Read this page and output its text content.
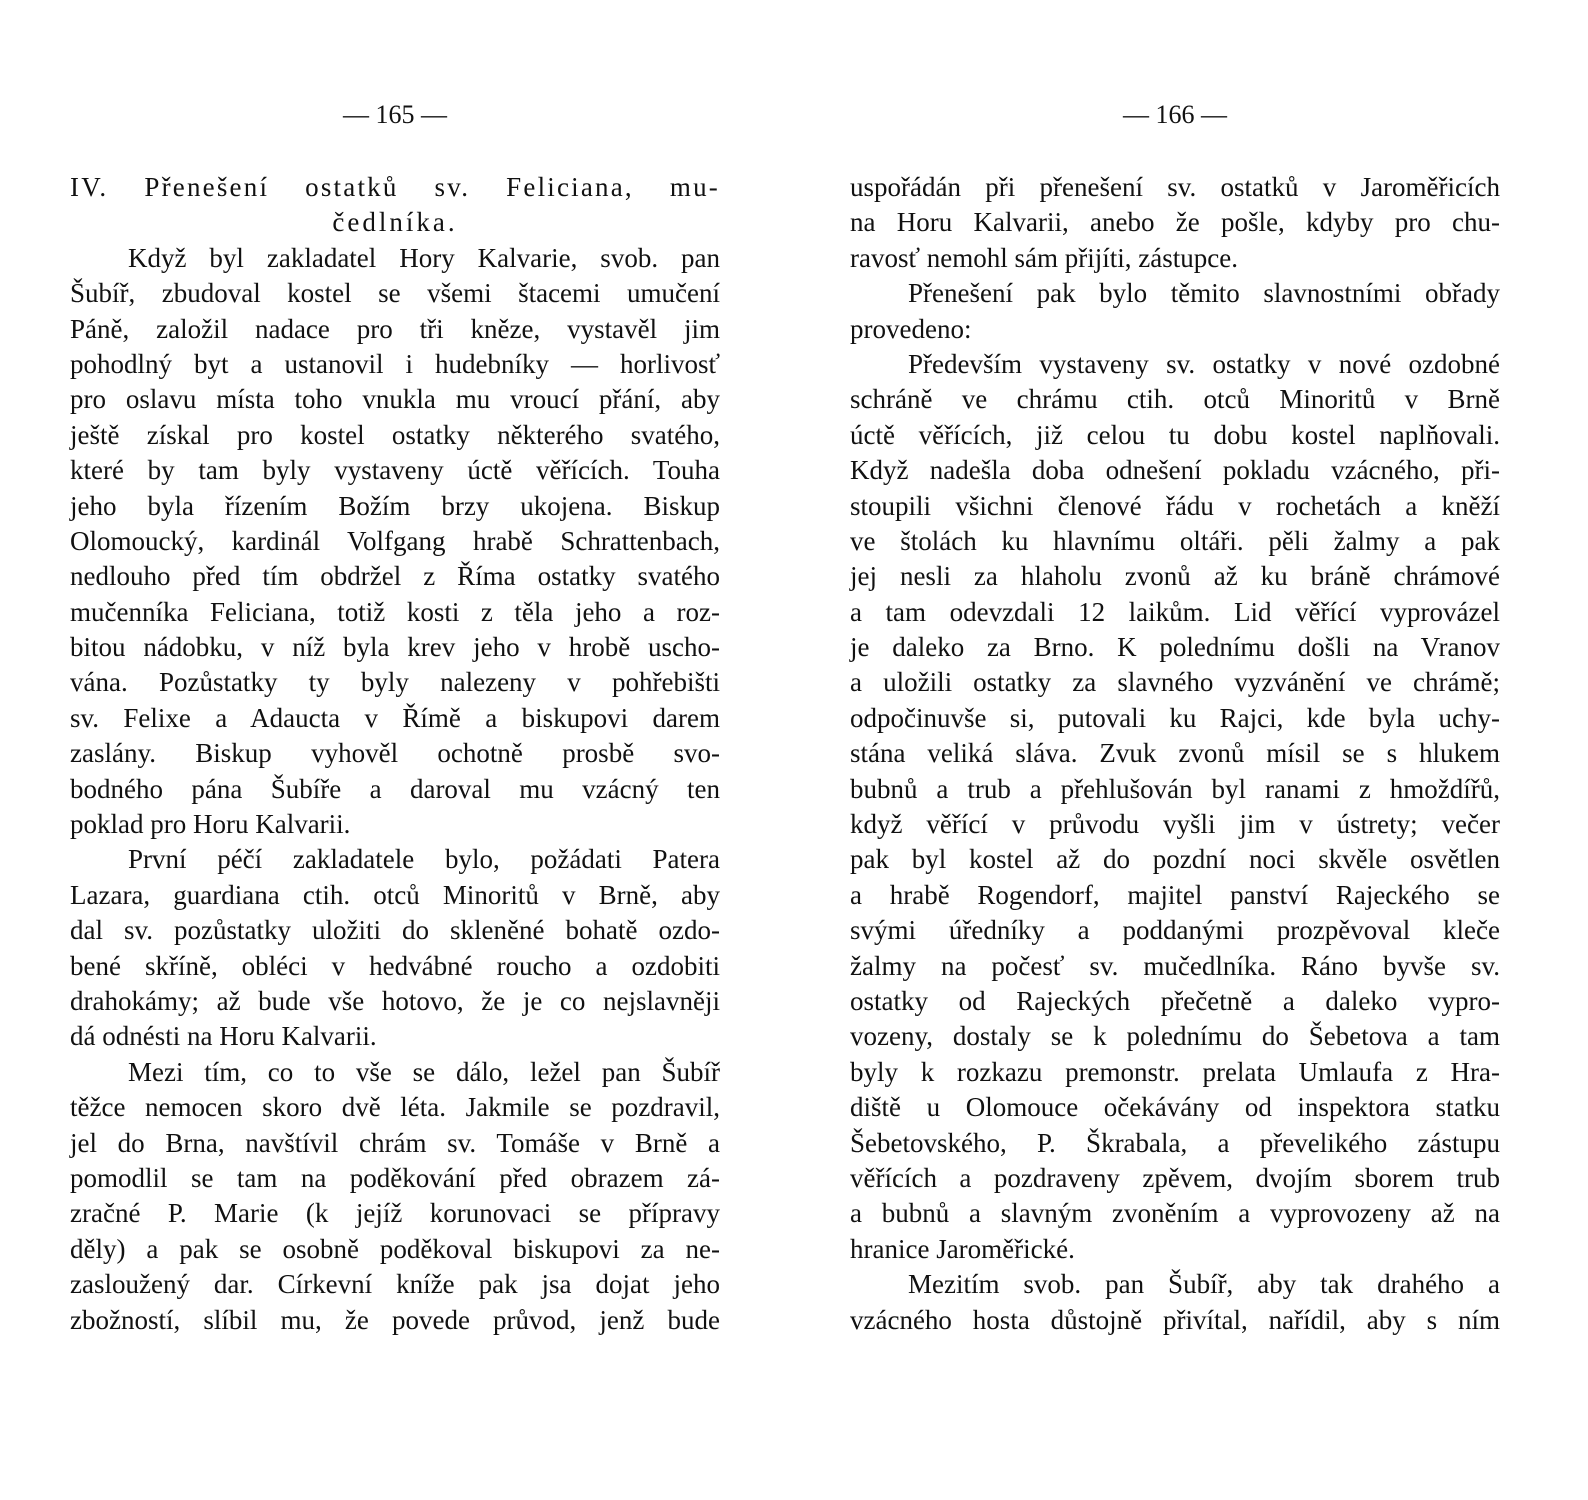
— 165 —
IV. Přenešení ostatků sv. Feliciana, mu-
čedlníka.
Když byl zakladatel Hory Kalvarie, svob. pan
Šubíř, zbudoval kostel se všemi štacemi umučení
Páně, založil nadace pro tři kněze, vystavěl jim
pohodlný byt a ustanovil i hudebníky — horlivosť
pro oslavu místa toho vnukla mu vroucí přání, aby
ještě získal pro kostel ostatky některého svatého,
které by tam byly vystaveny úctě věřících. Touha
jeho byla řízením Božím brzy ukojena. Biskup
Olomoucký, kardinál Volfgang hrabě Schrattenbach,
nedlouho před tím obdržel z Říma ostatky svatého
mučenníka Feliciana, totiž kosti z těla jeho a roz-
bitou nádobku, v níž byla krev jeho v hrobě uscho-
vána. Pozůstatky ty byly nalezeny v pohřebišti
sv. Felixe a Adaucta v Římě a biskupovi darem
zaslány. Biskup vyhověl ochotně prosbě svo-
bodného pána Šubíře a daroval mu vzácný ten
poklad pro Horu Kalvarii.
První péčí zakladatele bylo, požádati Patera
Lazara, guardiana ctih. otců Minoritů v Brně, aby
dal sv. pozůstatky uložiti do skleněné bohatě ozdo-
bené skříně, obléci v hedvábné roucho a ozdobiti
drahokámy; až bude vše hotovo, že je co nejslavněji
dá odnésti na Horu Kalvarii.
Mezi tím, co to vše se dálo, ležel pan Šubíř
těžce nemocen skoro dvě léta. Jakmile se pozdravil,
jel do Brna, navštívil chrám sv. Tomáše v Brně a
pomodlil se tam na poděkování před obrazem zá-
zračné P. Marie (k jejíž korunovaci se přípravy
děly) a pak se osobně poděkoval biskupovi za ne-
zasloužený dar. Církevní kníže pak jsa dojat jeho
zbožností, slíbil mu, že povede průvod, jenž bude
— 166 —
uspořádán při přenešení sv. ostatků v Jaroměřicích
na Horu Kalvarii, anebo že pošle, kdyby pro chu-
ravosť nemohl sám přijíti, zástupce.
Přenešení pak bylo těmito slavnostními obřady
provedeno:
Především vystaveny sv. ostatky v nové ozdobné
schráně ve chrámu ctih. otců Minoritů v Brně
úctě věřících, již celou tu dobu kostel naplňovali.
Když nadešla doba odnešení pokladu vzácného, při-
stoupili všichni členové řádu v rochetách a kněží
ve štolách ku hlavnímu oltáři. pěli žalmy a pak
jej nesli za hlaholu zvonů až ku bráně chrámové
a tam odevzdali 12 laikům. Lid věřící vyprovázel
je daleko za Brno. K polednímu došli na Vranov
a uložili ostatky za slavného vyzvánění ve chrámě;
odpočinuvše si, putovali ku Rajci, kde byla uchy-
stána veliká sláva. Zvuk zvonů mísil se s hlukem
bubnů a trub a přehlušován byl ranami z hmoždířů,
když věřící v průvodu vyšli jim v ústrety; večer
pak byl kostel až do pozdní noci skvěle osvětlen
a hrabě Rogendorf, majitel panství Rajeckého se
svými úředníky a poddanými prozpěvoval kleče
žalmy na počesť sv. mučedlníka. Ráno byvše sv.
ostatky od Rajeckých přečetně a daleko vypro-
vozeny, dostaly se k polednímu do Šebetova a tam
byly k rozkazu premonstr. prelata Umlaufa z Hra-
diště u Olomouce očekávány od inspektora statku
Šebetovského, P. Škrabala, a převelikého zástupu
věřících a pozdraveny zpěvem, dvojím sborem trub
a bubnů a slavným zvoněním a vyprovozeny až na
hranice Jaroměřické.
Mezitím svob. pan Šubíř, aby tak drahého a
vzácného hosta důstojně přivítal, nařídil, aby s ním
